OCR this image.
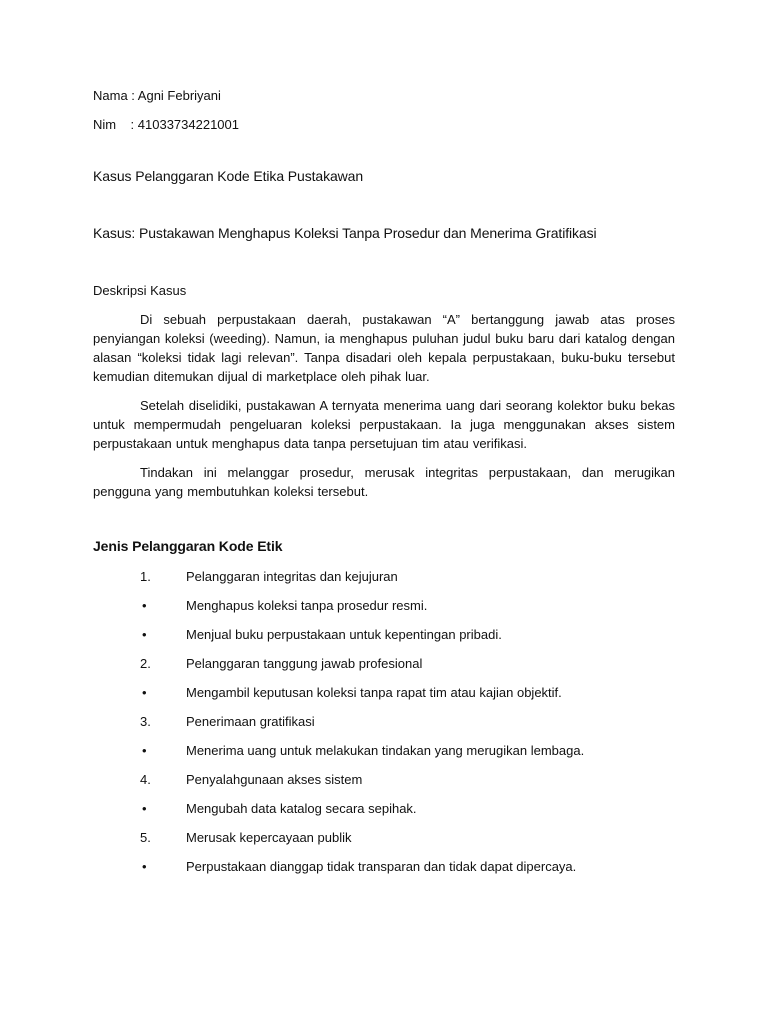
Nama : Agni Febriyani

Nim    : 41033734221001

Kasus Pelanggaran Kode Etika Pustakawan
Kasus: Pustakawan Menghapus Koleksi Tanpa Prosedur dan Menerima Gratifikasi

Deskripsi Kasus

Di sebuah perpustakaan daerah, pustakawan “A” bertanggung jawab atas proses penyiangan koleksi (weeding). Namun, ia menghapus puluhan judul buku baru dari katalog dengan alasan “koleksi tidak lagi relevan”. Tanpa disadari oleh kepala perpustakaan, buku-buku tersebut kemudian ditemukan dijual di marketplace oleh pihak luar.

Setelah diselidiki, pustakawan A ternyata menerima uang dari seorang kolektor buku bekas untuk mempermudah pengeluaran koleksi perpustakaan. Ia juga menggunakan akses sistem perpustakaan untuk menghapus data tanpa persetujuan tim atau verifikasi.

Tindakan ini melanggar prosedur, merusak integritas perpustakaan, dan merugikan pengguna yang membutuhkan koleksi tersebut.

Jenis Pelanggaran Kode Etik
1.	Pelanggaran integritas dan kejujuran
•	Menghapus koleksi tanpa prosedur resmi.
•	Menjual buku perpustakaan untuk kepentingan pribadi.
2.	Pelanggaran tanggung jawab profesional
•	Mengambil keputusan koleksi tanpa rapat tim atau kajian objektif.
3.	Penerimaan gratifikasi
•	Menerima uang untuk melakukan tindakan yang merugikan lembaga.
4.	Penyalahgunaan akses sistem
•	Mengubah data katalog secara sepihak.
5.	Merusak kepercayaan publik
•	Perpustakaan dianggap tidak transparan dan tidak dapat dipercaya.
